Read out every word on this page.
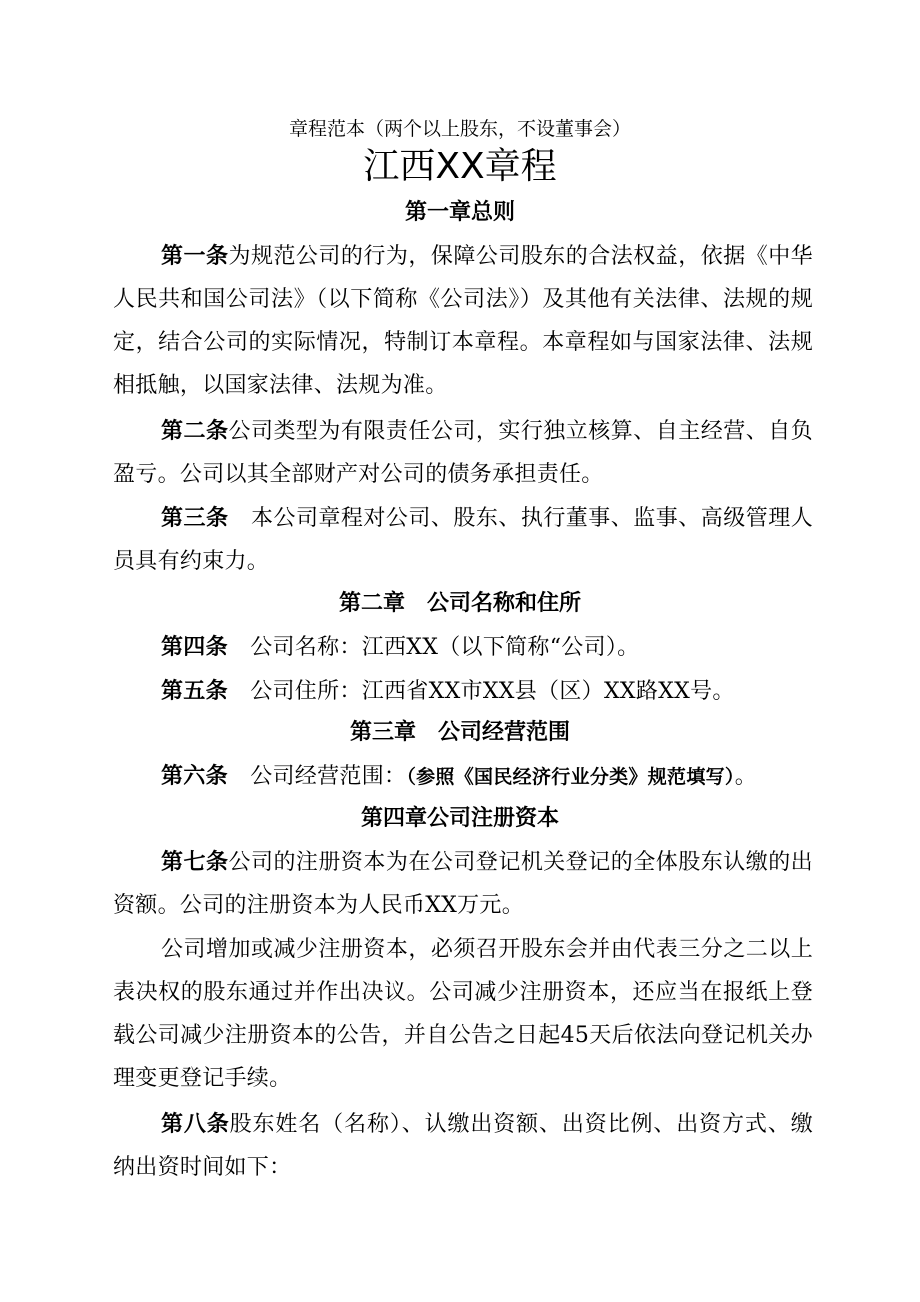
章程范本（两个以上股东，不设董事会）
江西XX章程
第一章总则
第一条为规范公司的行为，保障公司股东的合法权益，依据《中华人民共和国公司法》（以下简称《公司法》）及其他有关法律、法规的规定，结合公司的实际情况，特制订本章程。本章程如与国家法律、法规相抵触，以国家法律、法规为准。
第二条公司类型为有限责任公司，实行独立核算、自主经营、自负盈亏。公司以其全部财产对公司的债务承担责任。
第三条　本公司章程对公司、股东、执行董事、监事、高级管理人员具有约束力。
第二章　公司名称和住所
第四条　公司名称：江西XX（以下简称“公司）。
第五条　公司住所：江西省XX市XX县（区）XX路XX号。
第三章　公司经营范围
第六条　公司经营范围：（参照《国民经济行业分类》规范填写）。
第四章公司注册资本
第七条公司的注册资本为在公司登记机关登记的全体股东认缴的出资额。公司的注册资本为人民币XX万元。
公司增加或减少注册资本，必须召开股东会并由代表三分之二以上表决权的股东通过并作出决议。公司减少注册资本，还应当在报纸上登载公司减少注册资本的公告，并自公告之日起45天后依法向登记机关办理变更登记手续。
第八条股东姓名（名称）、认缴出资额、出资比例、出资方式、缴纳出资时间如下：
